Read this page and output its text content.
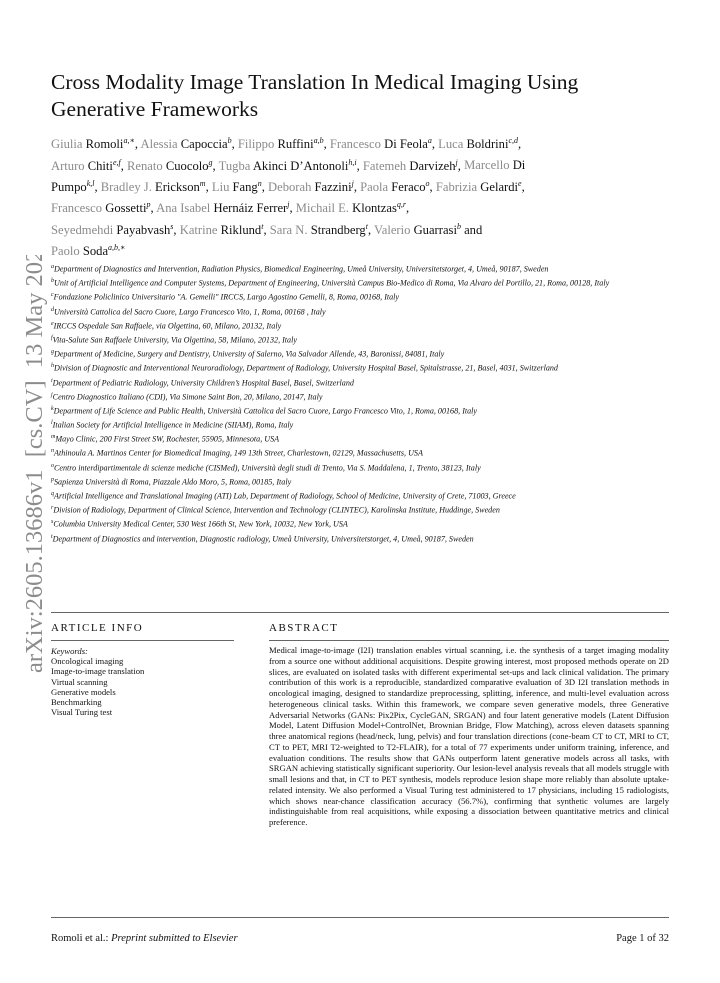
arXiv:2605.13686v1  [cs.CV]  13 May 2026
Cross Modality Image Translation In Medical Imaging Using
Generative Frameworks
Giulia Romoli$^{a,∗}$, Alessia Capoccia$^b$, Filippo Ruffini$^{a,b}$, Francesco Di Feola$^a$, Luca Boldrini$^{c,d}$,
Arturo Chiti$^{e,f}$, Renato Cuocolo$^g$, Tugba Akinci D’Antonoli$^{h,i}$, Fatemeh Darvizeh$^j$, Marcello Di
Pumpo$^{k,l}$, Bradley J. Erickson$^m$, Liu Fang$^n$, Deborah Fazzini$^j$, Paola Feraco$^o$, Fabrizia Gelardi$^e$,
Francesco Gossetti$^p$, Ana Isabel Hernáiz Ferrer$^j$, Michail E. Klontzas$^{q,r}$,
Seyedmehdi Payabvash$^s$, Katrine Riklund$^t$, Sara N. Strandberg$^t$, Valerio Guarrasi$^b$ and
Paolo Soda$^{a,b,∗}$
$^a$Department of Diagnostics and Intervention, Radiation Physics, Biomedical Engineering, Umeå University, Universitetstorget, 4, Umeå, 90187, Sweden
$^b$Unit of Artificial Intelligence and Computer Systems, Department of Engineering, Università Campus Bio-Medico di Roma, Via Alvaro del Portillo, 21, Roma, 00128, Italy
$^c$Fondazione Policlinico Universitario "A. Gemelli" IRCCS, Largo Agostino Gemelli, 8, Roma, 00168, Italy
$^d$Università Cattolica del Sacro Cuore, Largo Francesco Vito, 1, Roma, 00168 , Italy
$^e$IRCCS Ospedale San Raffaele, via Olgettina, 60, Milano, 20132, Italy
$^f$Vita-Salute San Raffaele University, Via Olgettina, 58, Milano, 20132, Italy
$^g$Department of Medicine, Surgery and Dentistry, University of Salerno, Via Salvador Allende, 43, Baronissi, 84081, Italy
$^h$Division of Diagnostic and Interventional Neuroradiology, Department of Radiology, University Hospital Basel, Spitalstrasse, 21, Basel, 4031, Switzerland
$^i$Department of Pediatric Radiology, University Children’s Hospital Basel, Basel, Switzerland
$^j$Centro Diagnostico Italiano (CDI), Via Simone Saint Bon, 20, Milano, 20147, Italy
$^k$Department of Life Science and Public Health, Università Cattolica del Sacro Cuore, Largo Francesco Vito, 1, Roma, 00168, Italy
$^l$Italian Society for Artificial Intelligence in Medicine (SIIAM), Roma, Italy
$^m$Mayo Clinic, 200 First Street SW, Rochester, 55905, Minnesota, USA
$^n$Athinoula A. Martinos Center for Biomedical Imaging, 149 13th Street, Charlestown, 02129, Massachusetts, USA
$^o$Centro interdipartimentale di scienze mediche (CISMed), Università degli studi di Trento, Via S. Maddalena, 1, Trento, 38123, Italy
$^p$Sapienza Università di Roma, Piazzale Aldo Moro, 5, Roma, 00185, Italy
$^q$Artificial Intelligence and Translational Imaging (ATI) Lab, Department of Radiology, School of Medicine, University of Crete, 71003, Greece
$^r$Division of Radiology, Department of Clinical Science, Intervention and Technology (CLINTEC), Karolinska Institute, Huddinge, Sweden
$^s$Columbia University Medical Center, 530 West 166th St, New York, 10032, New York, USA
$^t$Department of Diagnostics and intervention, Diagnostic radiology, Umeå University, Universitetstorget, 4, Umeå, 90187, Sweden
ARTICLE INFO	ABSTRACT
Keywords:
Oncological imaging
Image-to-image translation
Virtual scanning
Generative models
Benchmarking
Visual Turing test

Medical image-to-image (I2I) translation enables virtual scanning, i.e. the synthesis of a target imaging modality from a source one without additional acquisitions. Despite growing interest, most proposed methods operate on 2D slices, are evaluated on isolated tasks with different experimental set-ups and lack clinical validation. The primary contribution of this work is a reproducible, standardized comparative evaluation of 3D I2I translation methods in oncological imaging, designed to standardize preprocessing, splitting, inference, and multi-level evaluation across heterogeneous clinical tasks. Within this framework, we compare seven generative models, three Generative Adversarial Networks (GANs: Pix2Pix, CycleGAN, SRGAN) and four latent generative models (Latent Diffusion Model, Latent Diffusion Model+ControlNet, Brownian Bridge, Flow Matching), across eleven datasets spanning three anatomical regions (head/neck, lung, pelvis) and four translation directions (cone-beam CT to CT, MRI to CT, CT to PET, MRI T2-weighted to T2-FLAIR), for a total of 77 experiments under uniform training, inference, and evaluation conditions. The results show that GANs outperform latent generative models across all tasks, with SRGAN achieving statistically significant superiority. Our lesion-level analysis reveals that all models struggle with small lesions and that, in CT to PET synthesis, models reproduce lesion shape more reliably than absolute uptake-related intensity. We also performed a Visual Turing test administered to 17 physicians, including 15 radiologists, which shows near-chance classification accuracy (56.7%), confirming that synthetic volumes are largely indistinguishable from real acquisitions, while exposing a dissociation between quantitative metrics and clinical preference.

Romoli et al.: Preprint submitted to Elsevier	Page 1 of 32
